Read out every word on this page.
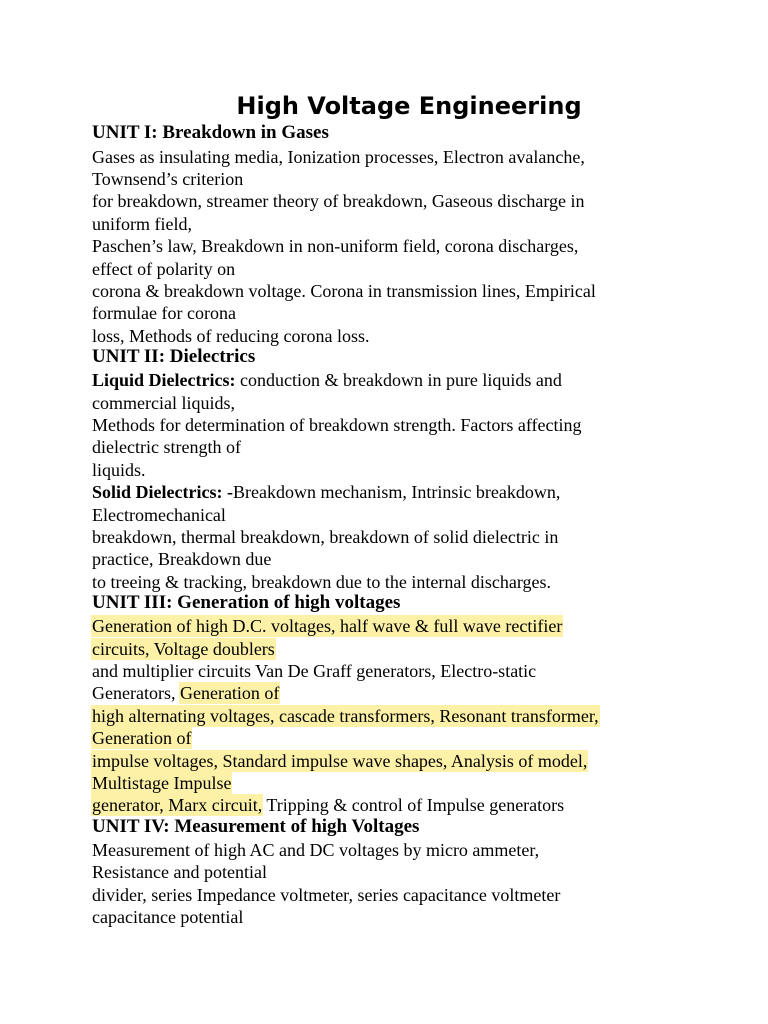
High Voltage Engineering
UNIT I: Breakdown in Gases
Gases as insulating media, Ionization processes, Electron avalanche,
Townsend’s criterion
for breakdown, streamer theory of breakdown, Gaseous discharge in
uniform field,
Paschen’s law, Breakdown in non-uniform field, corona discharges,
effect of polarity on
corona & breakdown voltage. Corona in transmission lines, Empirical
formulae for corona
loss, Methods of reducing corona loss.
UNIT II: Dielectrics
Liquid Dielectrics: conduction & breakdown in pure liquids and
commercial liquids,
Methods for determination of breakdown strength. Factors affecting
dielectric strength of
liquids.
Solid Dielectrics: -Breakdown mechanism, Intrinsic breakdown,
Electromechanical
breakdown, thermal breakdown, breakdown of solid dielectric in
practice, Breakdown due
to treeing & tracking, breakdown due to the internal discharges.
UNIT III: Generation of high voltages
Generation of high D.C. voltages, half wave & full wave rectifier
circuits, Voltage doublers
and multiplier circuits Van De Graff generators, Electro-static
Generators, Generation of
high alternating voltages, cascade transformers, Resonant transformer,
Generation of
impulse voltages, Standard impulse wave shapes, Analysis of model,
Multistage Impulse
generator, Marx circuit, Tripping & control of Impulse generators
UNIT IV: Measurement of high Voltages
Measurement of high AC and DC voltages by micro ammeter,
Resistance and potential
divider, series Impedance voltmeter, series capacitance voltmeter
capacitance potential
